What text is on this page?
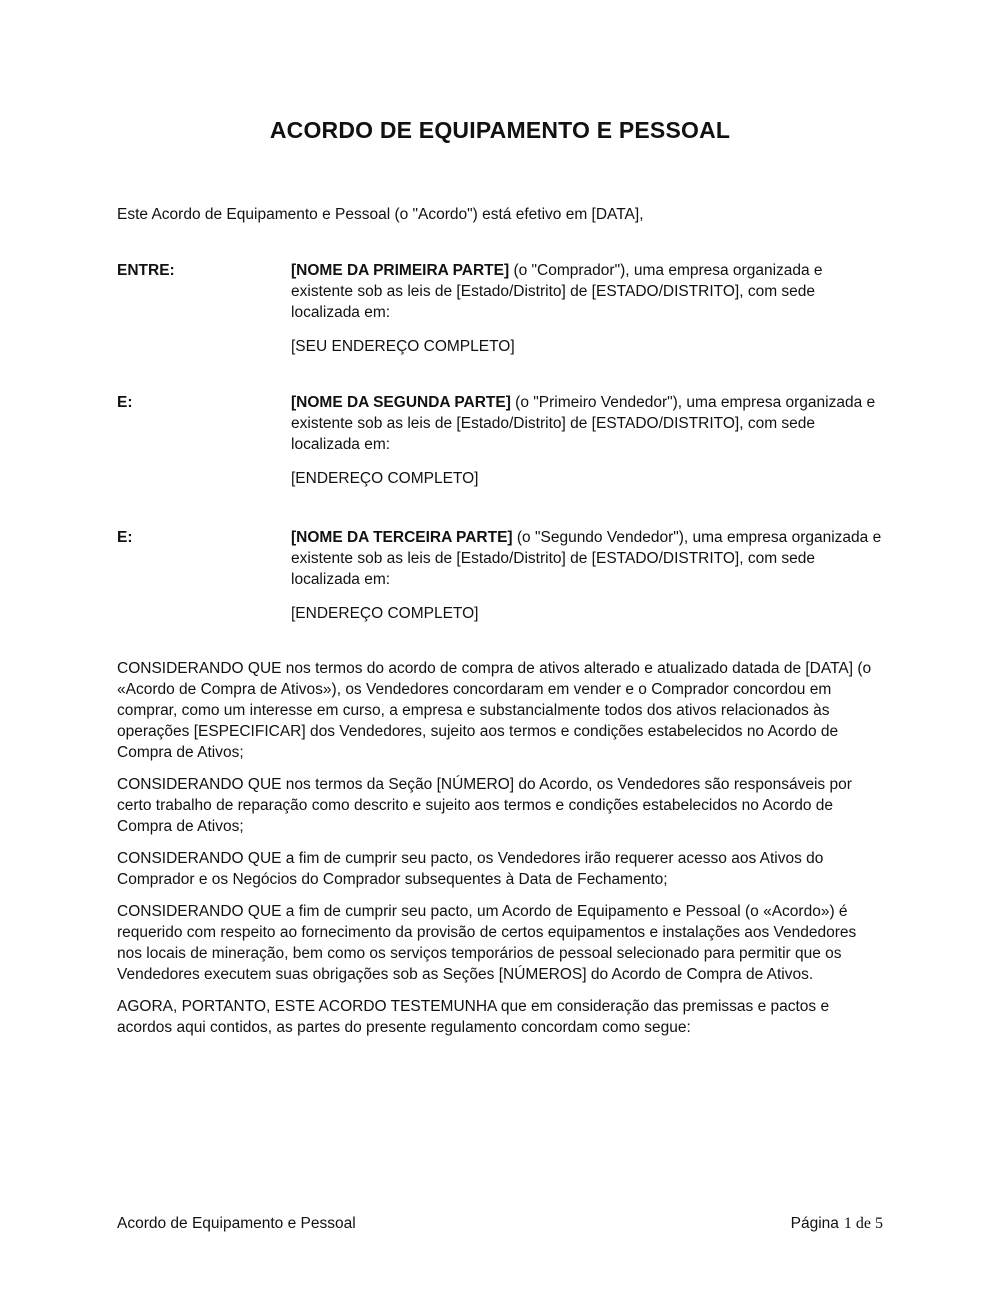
ACORDO DE EQUIPAMENTO E PESSOAL

Este Acordo de Equipamento e Pessoal (o "Acordo") está efetivo em [DATA],

ENTRE:	[NOME DA PRIMEIRA PARTE] (o "Comprador"), uma empresa organizada e existente sob as leis de [Estado/Distrito] de [ESTADO/DISTRITO], com sede localizada em:

[SEU ENDEREÇO COMPLETO]

E:	[NOME DA SEGUNDA PARTE] (o "Primeiro Vendedor"), uma empresa organizada e existente sob as leis de [Estado/Distrito] de [ESTADO/DISTRITO], com sede localizada em:

[ENDEREÇO COMPLETO]

E:	[NOME DA TERCEIRA PARTE] (o "Segundo Vendedor"), uma empresa organizada e existente sob as leis de [Estado/Distrito] de [ESTADO/DISTRITO], com sede localizada em:

[ENDEREÇO COMPLETO]

CONSIDERANDO QUE nos termos do acordo de compra de ativos alterado e atualizado datada de [DATA] (o «Acordo de Compra de Ativos»), os Vendedores concordaram em vender e o Comprador concordou em comprar, como um interesse em curso, a empresa e substancialmente todos dos ativos relacionados às operações [ESPECIFICAR] dos Vendedores, sujeito aos termos e condições estabelecidos no Acordo de Compra de Ativos;

CONSIDERANDO QUE nos termos da Seção [NÚMERO] do Acordo, os Vendedores são responsáveis por certo trabalho de reparação como descrito e sujeito aos termos e condições estabelecidos no Acordo de Compra de Ativos;

CONSIDERANDO QUE a fim de cumprir seu pacto, os Vendedores irão requerer acesso aos Ativos do Comprador e os Negócios do Comprador subsequentes à Data de Fechamento;

CONSIDERANDO QUE a fim de cumprir seu pacto, um Acordo de Equipamento e Pessoal (o «Acordo») é requerido com respeito ao fornecimento da provisão de certos equipamentos e instalações aos Vendedores nos locais de mineração, bem como os serviços temporários de pessoal selecionado para permitir que os Vendedores executem suas obrigações sob as Seções [NÚMEROS] do Acordo de Compra de Ativos.

AGORA, PORTANTO, ESTE ACORDO TESTEMUNHA que em consideração das premissas e pactos e acordos aqui contidos, as partes do presente regulamento concordam como segue:

Acordo de Equipamento e Pessoal	Página 1 de 5
